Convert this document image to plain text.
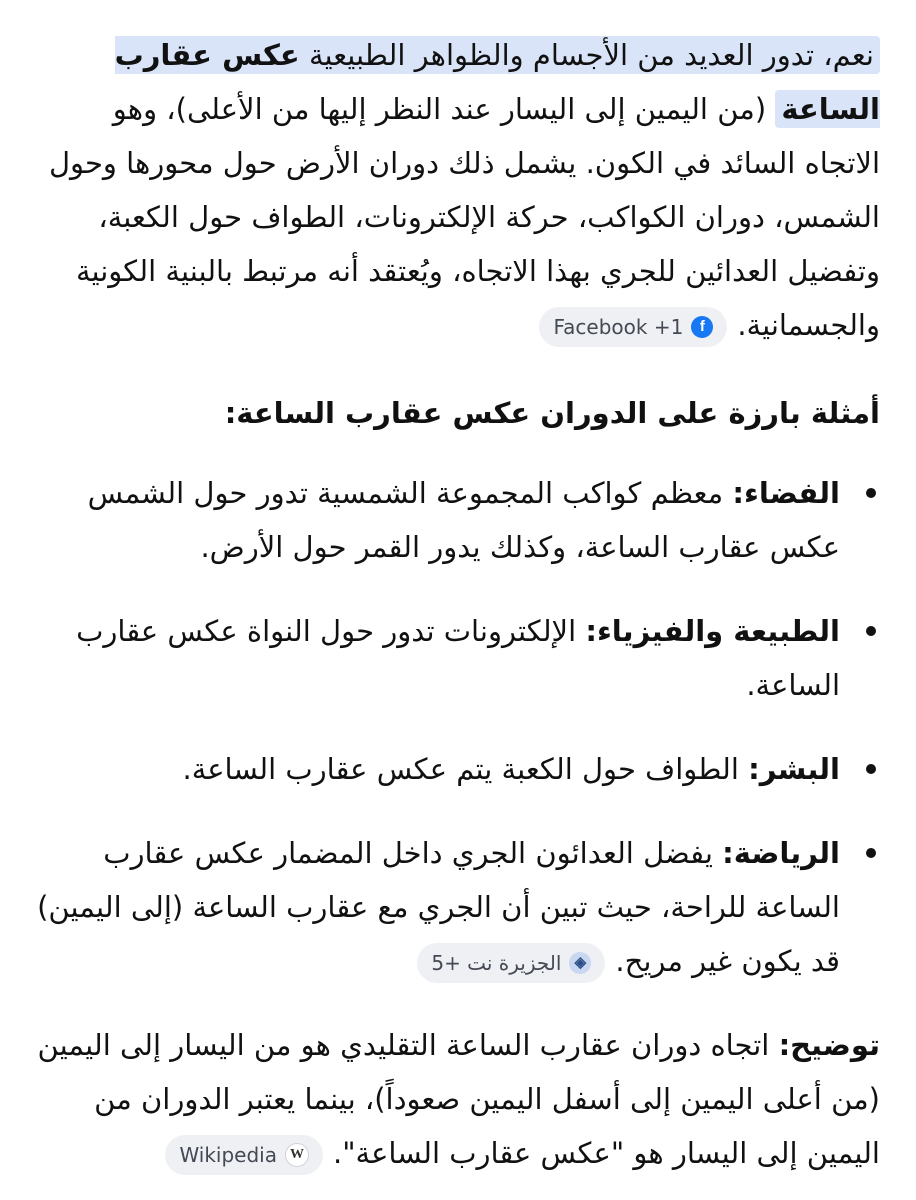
نعم، تدور العديد من الأجسام والظواهر الطبيعية عكس عقارب الساعة (من اليمين إلى اليسار عند النظر إليها من الأعلى)، وهو الاتجاه السائد في الكون. يشمل ذلك دوران الأرض حول محورها وحول الشمس، دوران الكواكب، حركة الإلكترونات، الطواف حول الكعبة، وتفضيل العدائين للجري بهذا الاتجاه، ويُعتقد أنه مرتبط بالبنية الكونية والجسمانية.
f
Facebook +1

أمثلة بارزة على الدوران عكس عقارب الساعة:
الفضاء: معظم كواكب المجموعة الشمسية تدور حول الشمس عكس عقارب الساعة، وكذلك يدور القمر حول الأرض.
الطبيعة والفيزياء: الإلكترونات تدور حول النواة عكس عقارب الساعة.
البشر: الطواف حول الكعبة يتم عكس عقارب الساعة.
الرياضة: يفضل العدائون الجري داخل المضمار عكس عقارب الساعة للراحة، حيث تبين أن الجري مع عقارب الساعة (إلى اليمين) قد يكون غير مريح.
◈
الجزيرة نت +5

توضيح: اتجاه دوران عقارب الساعة التقليدي هو من اليسار إلى اليمين (من أعلى اليمين إلى أسفل اليمين صعوداً)، بينما يعتبر الدوران من اليمين إلى اليسار هو "عكس عقارب الساعة".
W
Wikipedia
